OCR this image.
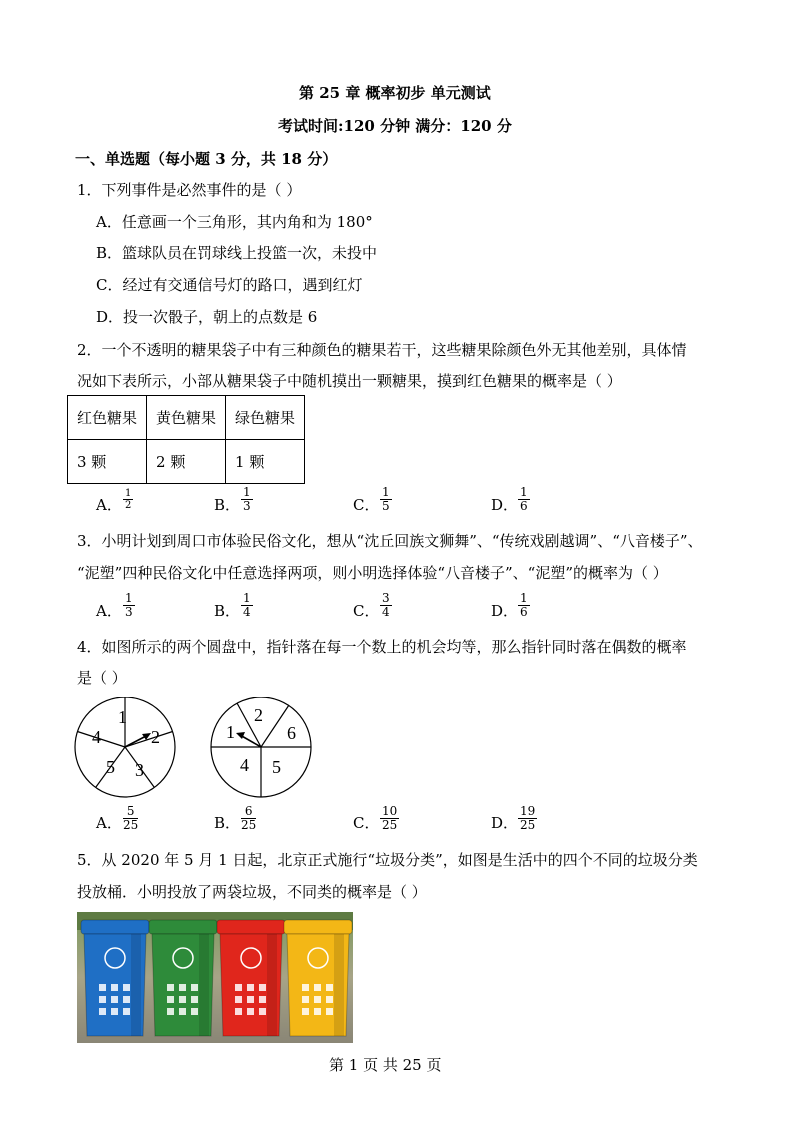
第 25 章 概率初步 单元测试
考试时间:120 分钟 满分：120 分
一、单选题（每小题 3 分，共 18 分）
1．下列事件是必然事件的是（ ）
A．任意画一个三角形，其内角和为 180°
B．篮球队员在罚球线上投篮一次，未投中
C．经过有交通信号灯的路口，遇到红灯
D．投一次骰子，朝上的点数是 6
2．一个不透明的糖果袋子中有三种颜色的糖果若干，这些糖果除颜色外无其他差别，具体情
况如下表所示，小部从糖果袋子中随机摸出一颗糖果，摸到红色糖果的概率是（ ）
红色糖果	黄色糖果	绿色糖果
3 颗	2 颗	1 颗
A．
1
2	B．
1
3	C．
1
5	D．
1
6
3．小明计划到周口市体验民俗文化，想从“沈丘回族文狮舞”、“传统戏剧越调”、“八音楼子”、
“泥塑”四种民俗文化中任意选择两项，则小明选择体验“八音楼子”、“泥塑”的概率为（ ）
A．
1
3	B．
1
4	C．
3
4	D．
1
6
4．如图所示的两个圆盘中，指针落在每一个数上的机会均等，那么指针同时落在偶数的概率
是（ ）
1
2
3
5
4
2
6
5
4
1
A．
5
25	B．
6
25	C．
10
25	D．
19
25
5．从 2020 年 5 月 1 日起，北京正式施行“垃圾分类”，如图是生活中的四个不同的垃圾分类
投放桶．小明投放了两袋垃圾，不同类的概率是（ ）
第 1 页 共 25 页
